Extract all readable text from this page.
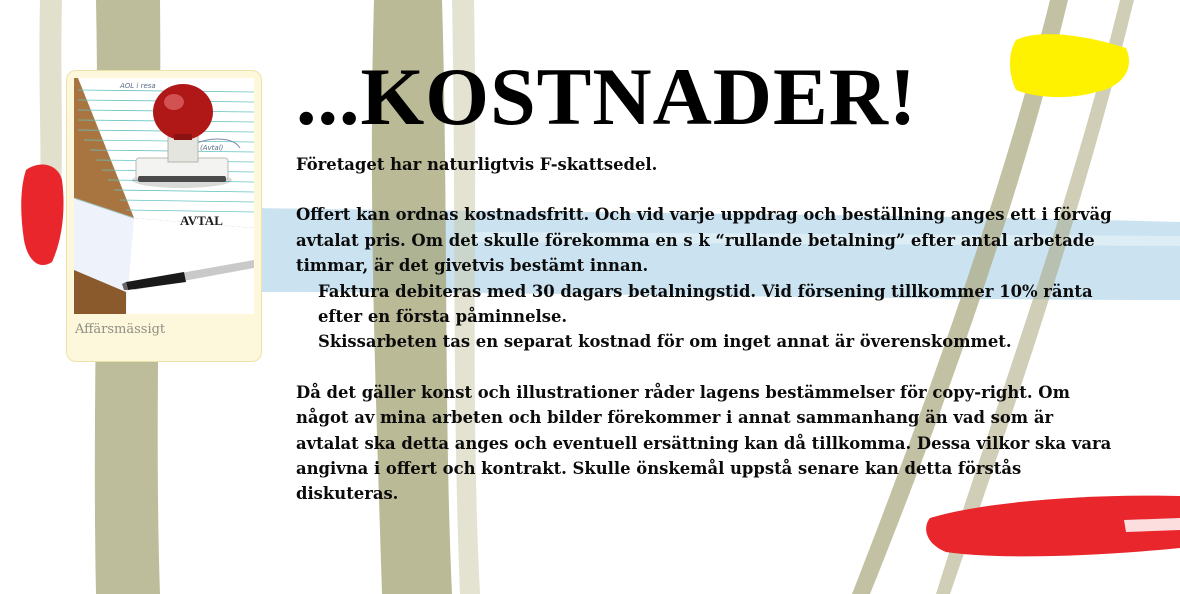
AOL i resa
(Avtal)
AVTAL
Affärsmässigt
...KOSTNADER!

Företaget har naturligtvis F-skattsedel.

Offert kan ordnas kostnadsfritt. Och vid varje uppdrag och beställning anges ett i förväg avtalat pris. Om det skulle förekomma en s k “rullande betalning” efter antal arbetade timmar, är det givetvis bestämt innan.

Faktura debiteras med 30 dagars betalningstid. Vid försening tillkommer 10% ränta efter en första påminnelse.

Skissarbeten tas en separat kostnad för om inget annat är överenskommet.

Då det gäller konst och illustrationer råder lagens bestämmelser för copy-right. Om något av mina arbeten och bilder förekommer i annat sammanhang än vad som är avtalat ska detta anges och eventuell ersättning kan då tillkomma. Dessa vilkor ska vara angivna i offert och kontrakt. Skulle önskemål uppstå senare kan detta förstås diskuteras.
